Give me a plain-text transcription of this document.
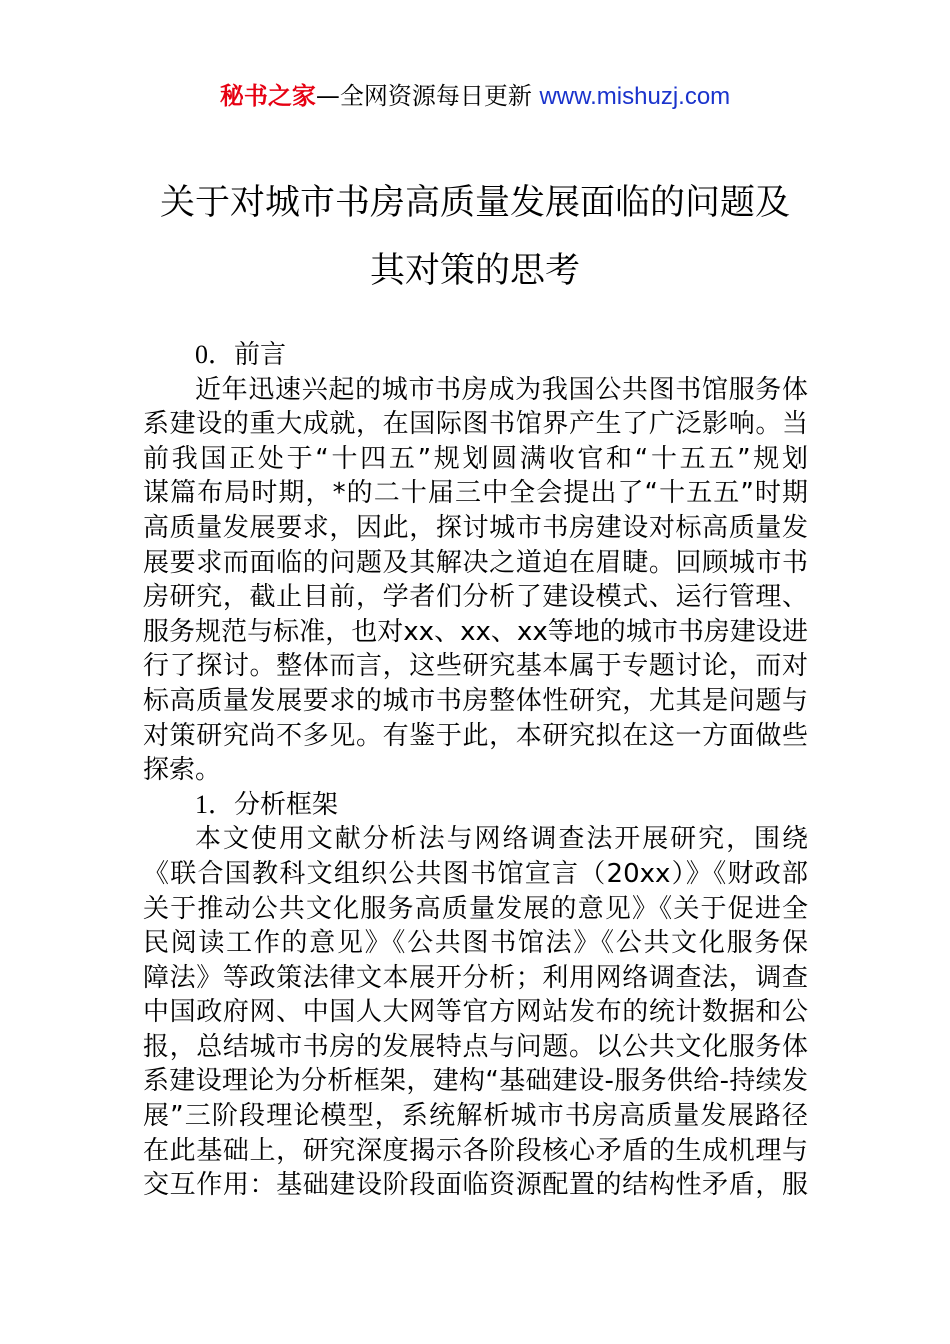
秘书之家—全网资源每日更新 www.mishuzj.com
关于对城市书房高质量发展面临的问题及
其对策的思考
0．前言
近年迅速兴起的城市书房成为我国公共图书馆服务体
系建设的重大成就，在国际图书馆界产生了广泛影响。当
前我国正处于“十四五”规划圆满收官和“十五五”规划
谋篇布局时期，*的二十届三中全会提出了“十五五”时期
高质量发展要求，因此，探讨城市书房建设对标高质量发
展要求而面临的问题及其解决之道迫在眉睫。回顾城市书
房研究，截止目前，学者们分析了建设模式、运行管理、
服务规范与标准，也对xx、xx、xx等地的城市书房建设进
行了探讨。整体而言，这些研究基本属于专题讨论，而对
标高质量发展要求的城市书房整体性研究，尤其是问题与
对策研究尚不多见。有鉴于此，本研究拟在这一方面做些
探索。
1．分析框架
本文使用文献分析法与网络调查法开展研究，围绕
《联合国教科文组织公共图书馆宣言（20xx）》《财政部
关于推动公共文化服务高质量发展的意见》《关于促进全
民阅读工作的意见》《公共图书馆法》《公共文化服务保
障法》等政策法律文本展开分析；利用网络调查法，调查
中国政府网、中国人大网等官方网站发布的统计数据和公
报，总结城市书房的发展特点与问题。以公共文化服务体
系建设理论为分析框架，建构“基础建设-服务供给-持续发
展”三阶段理论模型，系统解析城市书房高质量发展路径
在此基础上，研究深度揭示各阶段核心矛盾的生成机理与
交互作用：基础建设阶段面临资源配置的结构性矛盾，服
